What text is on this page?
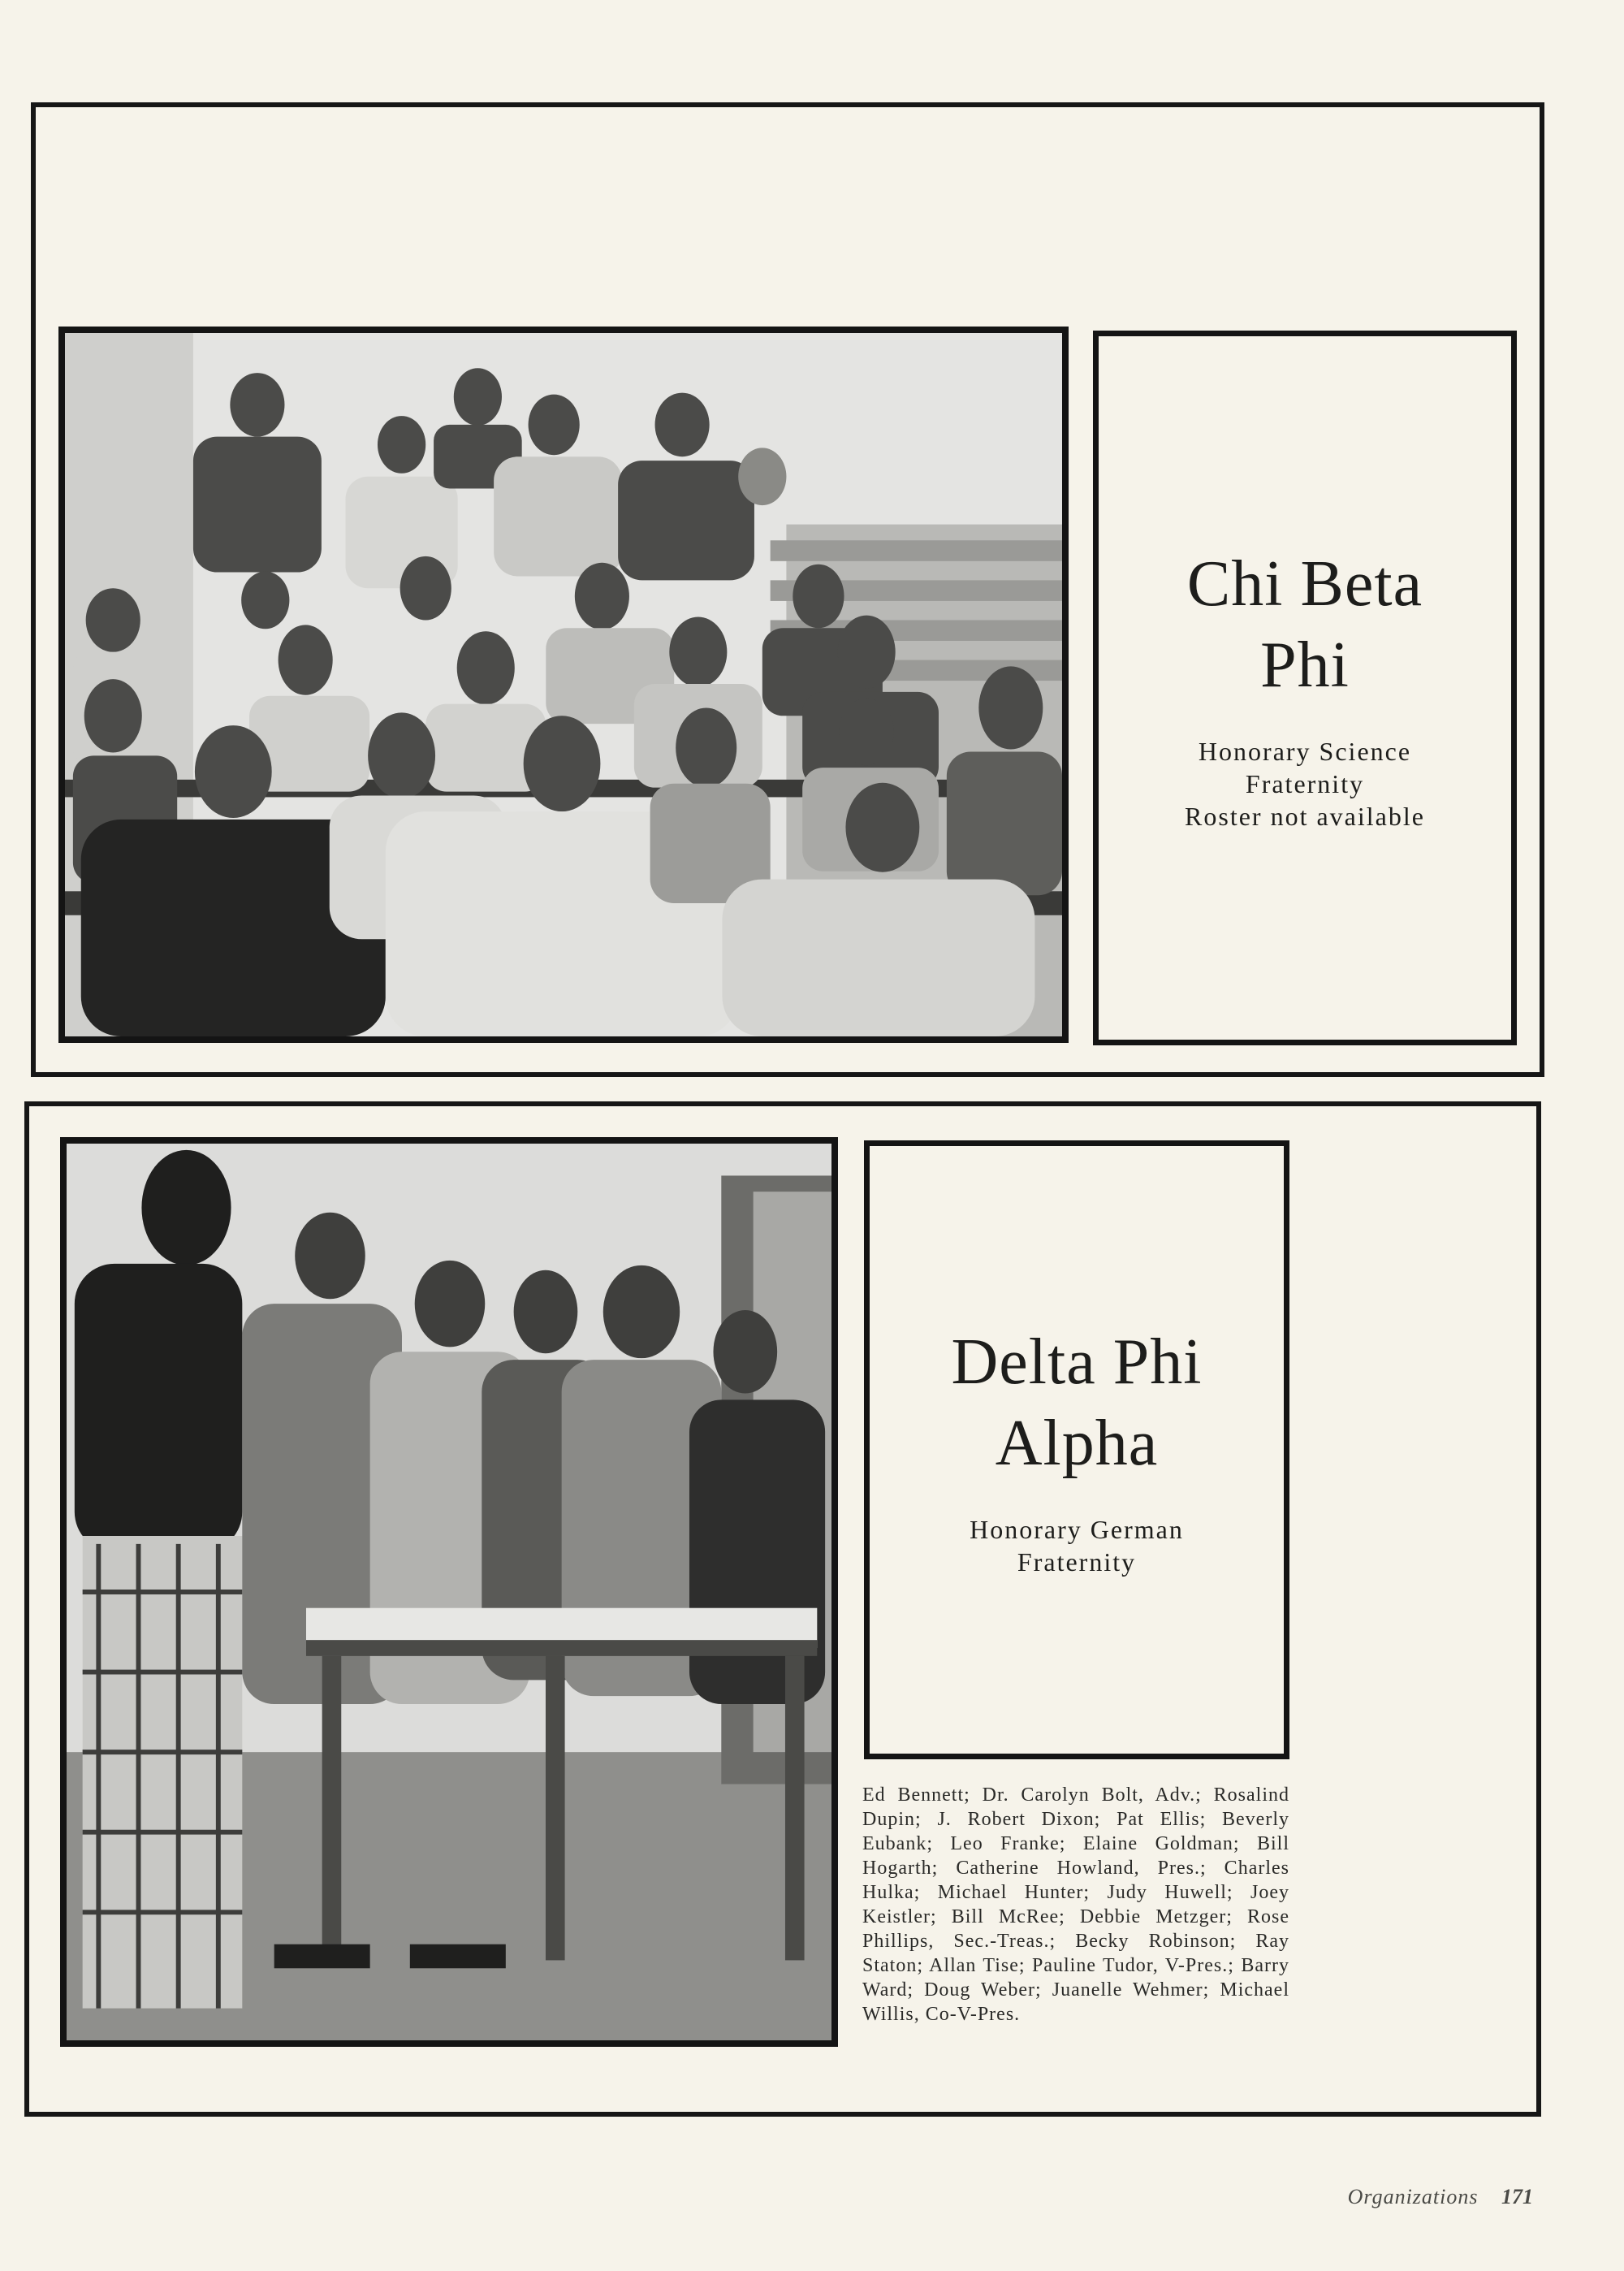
Chi Beta
Phi
Honorary Science
Fraternity
Roster not available
Delta Phi
Alpha
Honorary German
Fraternity
Ed Bennett; Dr. Carolyn Bolt, Adv.; Rosalind Dupin; J. Robert Dixon; Pat Ellis; Beverly Eubank; Leo Franke; Elaine Goldman; Bill Hogarth; Catherine Howland, Pres.; Charles Hulka; Michael Hunter; Judy Huwell; Joey Keistler; Bill McRee; Debbie Metzger; Rose Phillips, Sec.-Treas.; Becky Robinson; Ray Staton; Allan Tise; Pauline Tudor, V-Pres.; Barry Ward; Doug Weber; Juanelle Wehmer; Michael Willis, Co-V-Pres.
Organizations 171
